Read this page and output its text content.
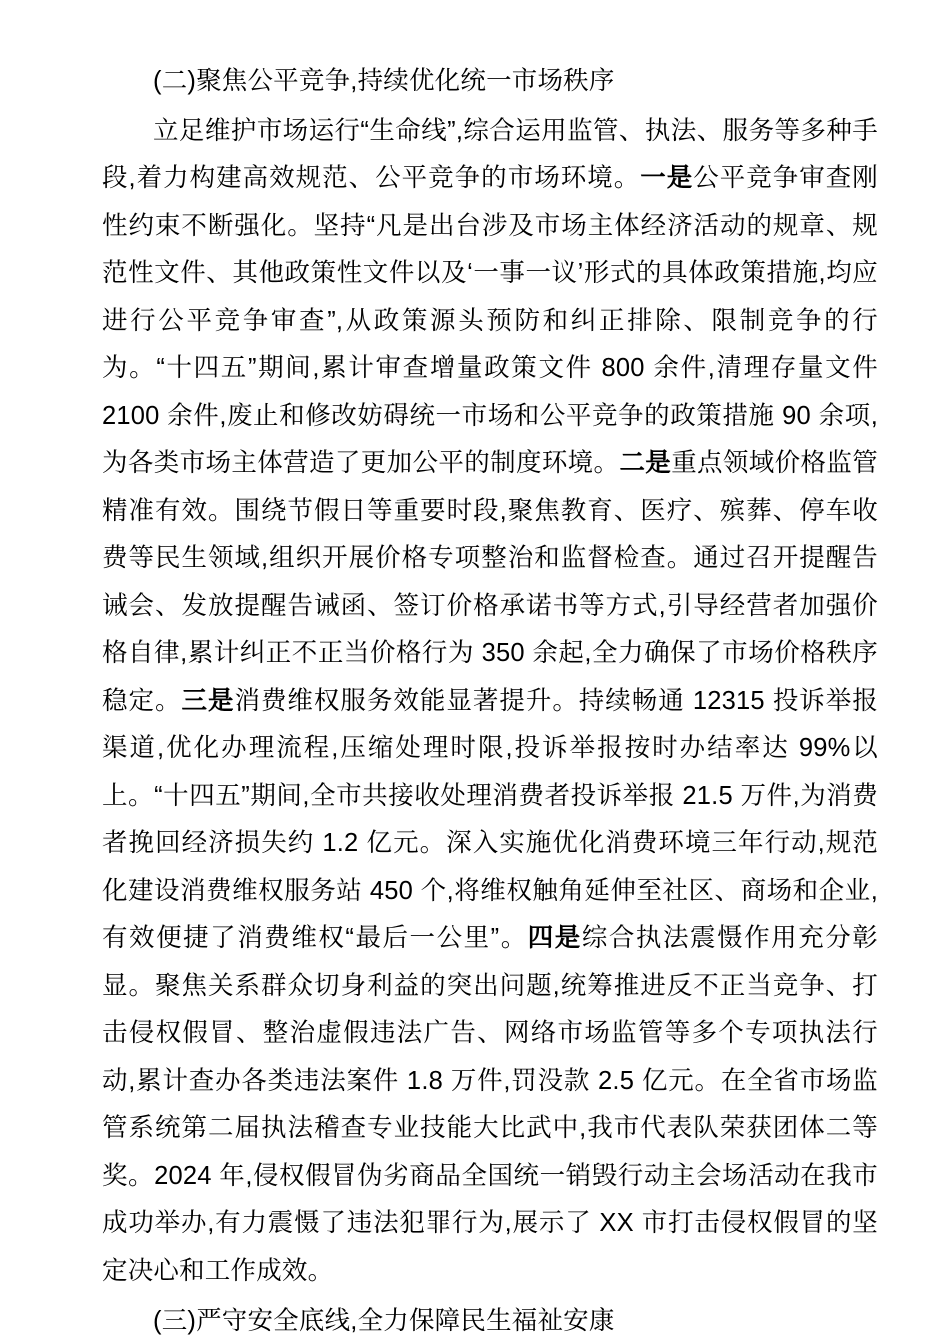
(二)聚焦公平竞争,持续优化统一市场秩序

立足维护市场运行“生命线”,综合运用监管、执法、服务等多种手段,着力构建高效规范、公平竞争的市场环境。一是公平竞争审查刚性约束不断强化。坚持“凡是出台涉及市场主体经济活动的规章、规范性文件、其他政策性文件以及‘一事一议’形式的具体政策措施,均应进行公平竞争审查”,从政策源头预防和纠正排除、限制竞争的行为。“十四五”期间,累计审查增量政策文件 800 余件,清理存量文件 2100 余件,废止和修改妨碍统一市场和公平竞争的政策措施 90 余项,为各类市场主体营造了更加公平的制度环境。二是重点领域价格监管精准有效。围绕节假日等重要时段,聚焦教育、医疗、殡葬、停车收费等民生领域,组织开展价格专项整治和监督检查。通过召开提醒告诫会、发放提醒告诫函、签订价格承诺书等方式,引导经营者加强价格自律,累计纠正不正当价格行为 350 余起,全力确保了市场价格秩序稳定。三是消费维权服务效能显著提升。持续畅通 12315 投诉举报渠道,优化办理流程,压缩处理时限,投诉举报按时办结率达 99%以上。“十四五”期间,全市共接收处理消费者投诉举报 21.5 万件,为消费者挽回经济损失约 1.2 亿元。深入实施优化消费环境三年行动,规范化建设消费维权服务站 450 个,将维权触角延伸至社区、商场和企业,有效便捷了消费维权“最后一公里”。四是综合执法震慑作用充分彰显。聚焦关系群众切身利益的突出问题,统筹推进反不正当竞争、打击侵权假冒、整治虚假违法广告、网络市场监管等多个专项执法行动,累计查办各类违法案件 1.8 万件,罚没款 2.5 亿元。在全省市场监管系统第二届执法稽查专业技能大比武中,我市代表队荣获团体二等奖。2024 年,侵权假冒伪劣商品全国统一销毁行动主会场活动在我市成功举办,有力震慑了违法犯罪行为,展示了 XX 市打击侵权假冒的坚定决心和工作成效。

(三)严守安全底线,全力保障民生福祉安康
